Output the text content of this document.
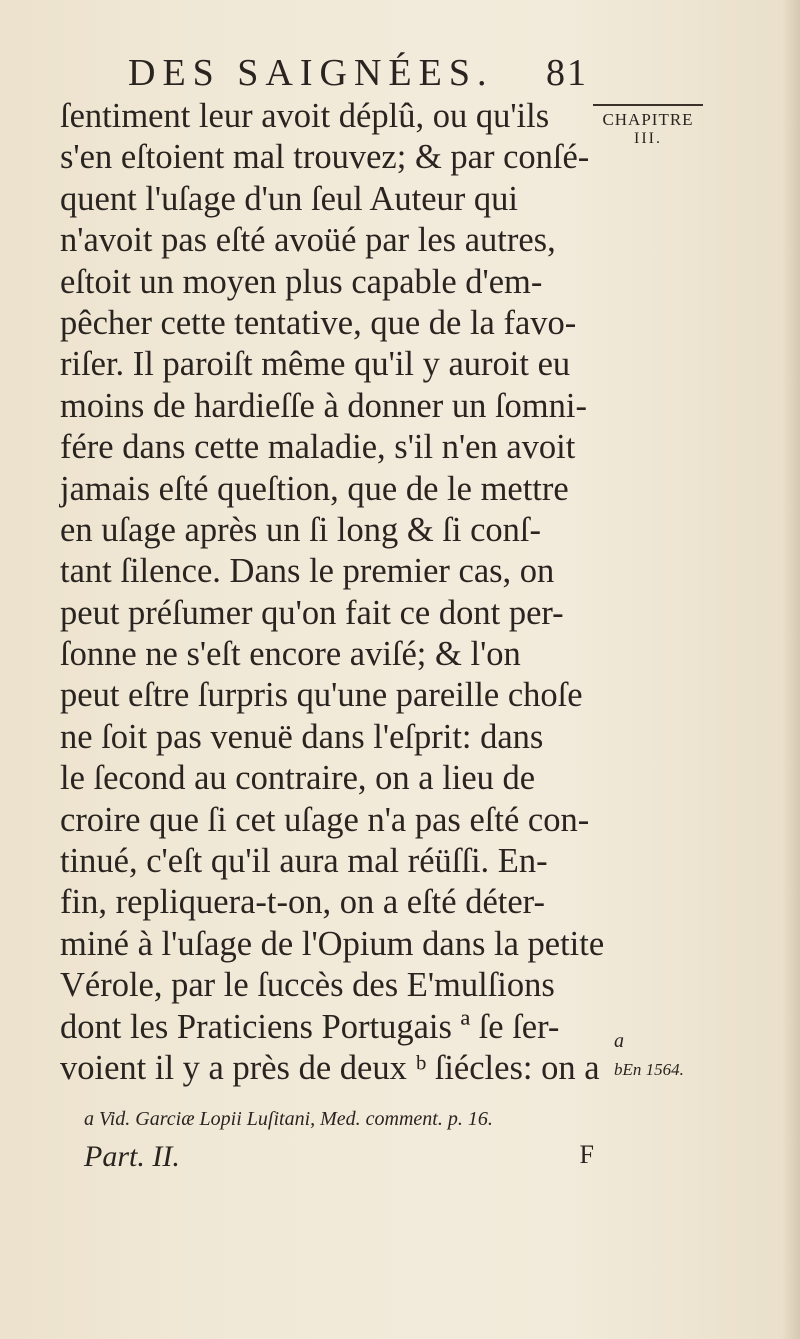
DES SAIGNÉES.	81
CHAPITRE
III.
ſentiment leur avoit déplû, ou qu'ils
s'en eſtoient mal trouvez; & par conſé-
quent l'uſage d'un ſeul Auteur qui
n'avoit pas eſté avoüé par les autres,
eſtoit un moyen plus capable d'em-
pêcher cette tentative, que de la favo-
riſer. Il paroiſt même qu'il y auroit eu
moins de hardieſſe à donner un ſomni-
fére dans cette maladie, s'il n'en avoit
jamais eſté queſtion, que de le mettre
en uſage après un ſi long & ſi conſ-
tant ſilence. Dans le premier cas, on
peut préſumer qu'on fait ce dont per-
ſonne ne s'eſt encore aviſé; & l'on
peut eſtre ſurpris qu'une pareille choſe
ne ſoit pas venuë dans l'eſprit: dans
le ſecond au contraire, on a lieu de
croire que ſi cet uſage n'a pas eſté con-
tinué, c'eſt qu'il aura mal réüſſi. En-
fin, repliquera-t-on, on a eſté déter-
miné à l'uſage de l'Opium dans la petite
Vérole, par le ſuccès des E'mulſions
dont les Praticiens Portugais ª ſe ſer-
voient il y a près de deux ᵇ ſiécles: on a
a
bEn 1564.
a Vid. Garciæ Lopii Luſitani, Med. comment. p. 16.
Part. II.	F
